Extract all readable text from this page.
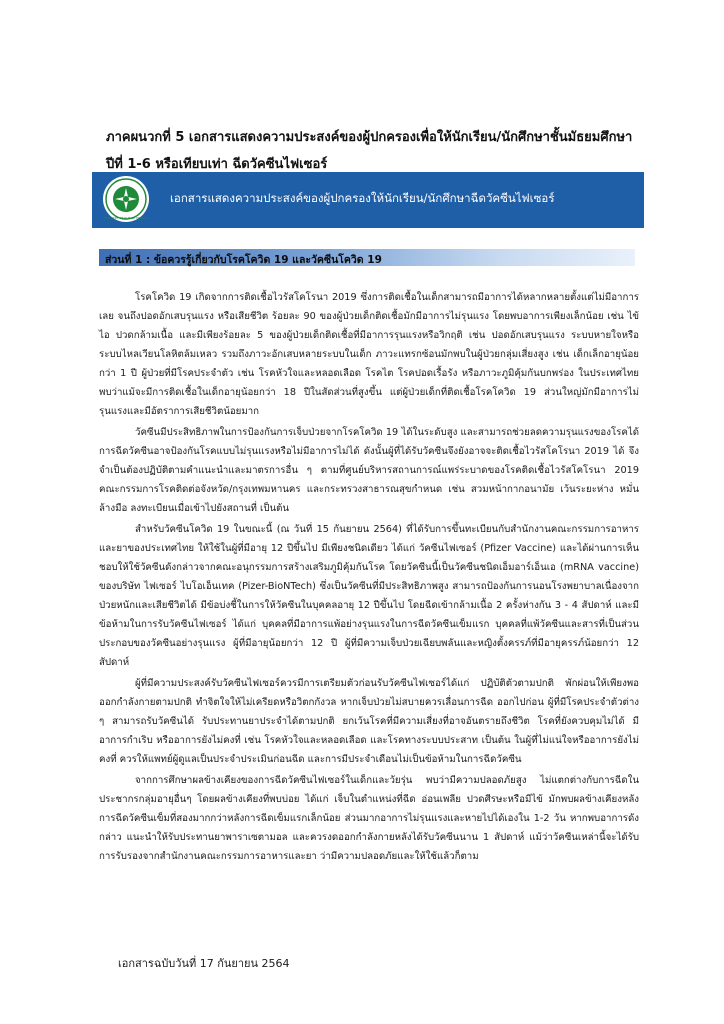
ภาคผนวกที่ 5 เอกสารแสดงความประสงค์ของผู้ปกครองเพื่อให้นักเรียน/นักศึกษาชั้นมัธยมศึกษา
ปีที่ 1-6 หรือเทียบเท่า ฉีดวัคซีนไฟเซอร์
MINISTRY OF PUBLIC HEALTH
เอกสารแสดงความประสงค์ของผู้ปกครองให้นักเรียน/นักศึกษาฉีดวัคซีนไฟเซอร์
ส่วนที่ 1 : ข้อควรรู้เกี่ยวกับโรคโควิด 19 และวัคซีนโควิด 19

โรคโควิด 19 เกิดจากการติดเชื้อไวรัสโคโรนา 2019 ซึ่งการติดเชื้อในเด็กสามารถมีอาการได้หลากหลายตั้งแต่ไม่มีอาการเลย จนถึงปอดอักเสบรุนแรง หรือเสียชีวิต ร้อยละ 90 ของผู้ป่วยเด็กติดเชื้อมักมีอาการไม่รุนแรง โดยพบอาการเพียงเล็กน้อย เช่น ไข้ ไอ ปวดกล้ามเนื้อ และมีเพียงร้อยละ 5 ของผู้ป่วยเด็กติดเชื้อที่มีอาการรุนแรงหรือวิกฤติ เช่น ปอดอักเสบรุนแรง ระบบหายใจหรือระบบไหลเวียนโลหิตล้มเหลว รวมถึงภาวะอักเสบหลายระบบในเด็ก ภาวะแทรกซ้อนมักพบในผู้ป่วยกลุ่มเสี่ยงสูง เช่น เด็กเล็กอายุน้อยกว่า 1 ปี ผู้ป่วยที่มีโรคประจำตัว เช่น โรคหัวใจและหลอดเลือด โรคไต โรคปอดเรื้อรัง หรือภาวะภูมิคุ้มกันบกพร่อง ในประเทศไทยพบว่าแม้จะมีการติดเชื้อในเด็กอายุน้อยกว่า 18 ปีในสัดส่วนที่สูงขึ้น แต่ผู้ป่วยเด็กที่ติดเชื้อโรคโควิด 19 ส่วนใหญ่มักมีอาการไม่รุนแรงและมีอัตราการเสียชีวิตน้อยมาก

วัคซีนมีประสิทธิภาพในการป้องกันการเจ็บป่วยจากโรคโควิด 19 ได้ในระดับสูง และสามารถช่วยลดความรุนแรงของโรคได้ การฉีดวัคซีนอาจป้องกันโรคแบบไม่รุนแรงหรือไม่มีอาการไม่ได้ ดังนั้นผู้ที่ได้รับวัคซีนจึงยังอาจจะติดเชื้อไวรัสโคโรนา 2019 ได้ จึงจำเป็นต้องปฏิบัติตามคำแนะนำและมาตรการอื่น ๆ ตามที่ศูนย์บริหารสถานการณ์แพร่ระบาดของโรคติดเชื้อไวรัสโคโรนา 2019 คณะกรรมการโรคติดต่อจังหวัด/กรุงเทพมหานคร และกระทรวงสาธารณสุขกำหนด เช่น สวมหน้ากากอนามัย เว้นระยะห่าง หมั่นล้างมือ ลงทะเบียนเมื่อเข้าไปยังสถานที่ เป็นต้น

สำหรับวัคซีนโควิด 19 ในขณะนี้ (ณ วันที่ 15 กันยายน 2564) ที่ได้รับการขึ้นทะเบียนกับสำนักงานคณะกรรมการอาหารและยาของประเทศไทย ให้ใช้ในผู้ที่มีอายุ 12 ปีขึ้นไป มีเพียงชนิดเดียว ได้แก่ วัคซีนไฟเซอร์ (Pfizer Vaccine) และได้ผ่านการเห็นชอบให้ใช้วัคซีนดังกล่าวจากคณะอนุกรรมการสร้างเสริมภูมิคุ้มกันโรค โดยวัคซีนนี้เป็นวัคซีนชนิดเอ็มอาร์เอ็นเอ (mRNA vaccine) ของบริษัท ไฟเซอร์ ไบโอเอ็นเทค (Pizer-BioNTech) ซึ่งเป็นวัคซีนที่มีประสิทธิภาพสูง สามารถป้องกันการนอนโรงพยาบาลเนื่องจากป่วยหนักและเสียชีวิตได้ มีข้อบ่งชี้ในการให้วัคซีนในบุคคลอายุ 12 ปีขึ้นไป โดยฉีดเข้ากล้ามเนื้อ 2 ครั้งห่างกัน 3 - 4 สัปดาห์ และมีข้อห้ามในการรับวัคซีนไฟเซอร์ ได้แก่ บุคคลที่มีอาการแพ้อย่างรุนแรงในการฉีดวัคซีนเข็มแรก บุคคลที่แพ้วัคซีนและสารที่เป็นส่วนประกอบของวัคซีนอย่างรุนแรง ผู้ที่มีอายุน้อยกว่า 12 ปี ผู้ที่มีความเจ็บป่วยเฉียบพลันและหญิงตั้งครรภ์ที่มีอายุครรภ์น้อยกว่า 12 สัปดาห์

ผู้ที่มีความประสงค์รับวัคซีนไฟเซอร์ควรมีการเตรียมตัวก่อนรับวัคซีนไฟเซอร์ได้แก่ ปฏิบัติตัวตามปกติ พักผ่อนให้เพียงพอ ออกกำลังกายตามปกติ ทำจิตใจให้ไม่เครียดหรือวิตกกังวล หากเจ็บป่วยไม่สบายควรเลื่อนการฉีด ออกไปก่อน ผู้ที่มีโรคประจำตัวต่าง ๆ สามารถรับวัคซีนได้ รับประทานยาประจำได้ตามปกติ ยกเว้นโรคที่มีความเสี่ยงที่อาจอันตรายถึงชีวิต โรคที่ยังควบคุมไม่ได้ มีอาการกำเริบ หรืออาการยังไม่คงที่ เช่น โรคหัวใจและหลอดเลือด และโรคทางระบบประสาท เป็นต้น ในผู้ที่ไม่แน่ใจหรืออาการยังไม่คงที่ ควรให้แพทย์ผู้ดูแลเป็นประจำประเมินก่อนฉีด และการมีประจำเดือนไม่เป็นข้อห้ามในการฉีดวัคซีน

จากการศึกษาผลข้างเคียงของการฉีดวัคซีนไฟเซอร์ในเด็กและวัยรุ่น พบว่ามีความปลอดภัยสูง ไม่แตกต่างกับการฉีดในประชากรกลุ่มอายุอื่นๆ โดยผลข้างเคียงที่พบบ่อย ได้แก่ เจ็บในตำแหน่งที่ฉีด อ่อนเพลีย ปวดศีรษะหรือมีไข้ มักพบผลข้างเคียงหลังการฉีดวัคซีนเข็มที่สองมากกว่าหลังการฉีดเข็มแรกเล็กน้อย ส่วนมากอาการไม่รุนแรงและหายไปได้เองใน 1-2 วัน หากพบอาการดังกล่าว แนะนำให้รับประทานยาพาราเซตามอล และควรงดออกกำลังกายหลังได้รับวัคซีนนาน 1 สัปดาห์ แม้ว่าวัคซีนเหล่านี้จะได้รับการรับรองจากสำนักงานคณะกรรมการอาหารและยา ว่ามีความปลอดภัยและให้ใช้แล้วก็ตาม

เอกสารฉบับวันที่ 17 กันยายน 2564
